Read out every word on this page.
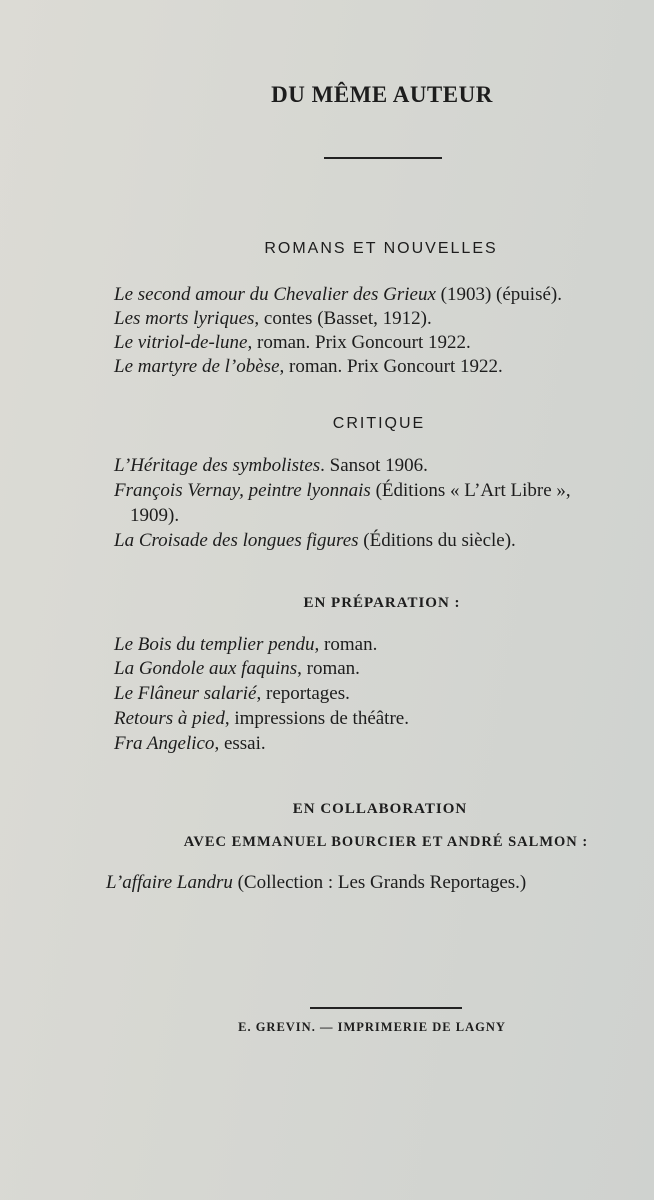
DU MÊME AUTEUR
ROMANS ET NOUVELLES
Le second amour du Chevalier des Grieux (1903) (épuisé).
Les morts lyriques, contes (Basset, 1912).
Le vitriol-de-lune, roman. Prix Goncourt 1922.
Le martyre de l’obèse, roman. Prix Goncourt 1922.
CRITIQUE
L’Héritage des symbolistes. Sansot 1906.
François Vernay, peintre lyonnais (Éditions « L’Art Libre »,
1909).
La Croisade des longues figures (Éditions du siècle).
EN PRÉPARATION :
Le Bois du templier pendu, roman.
La Gondole aux faquins, roman.
Le Flâneur salarié, reportages.
Retours à pied, impressions de théâtre.
Fra Angelico, essai.
EN COLLABORATION
AVEC EMMANUEL BOURCIER ET ANDRÉ SALMON :
L’affaire Landru (Collection : Les Grands Reportages.)
E. GREVIN. — IMPRIMERIE DE LAGNY
